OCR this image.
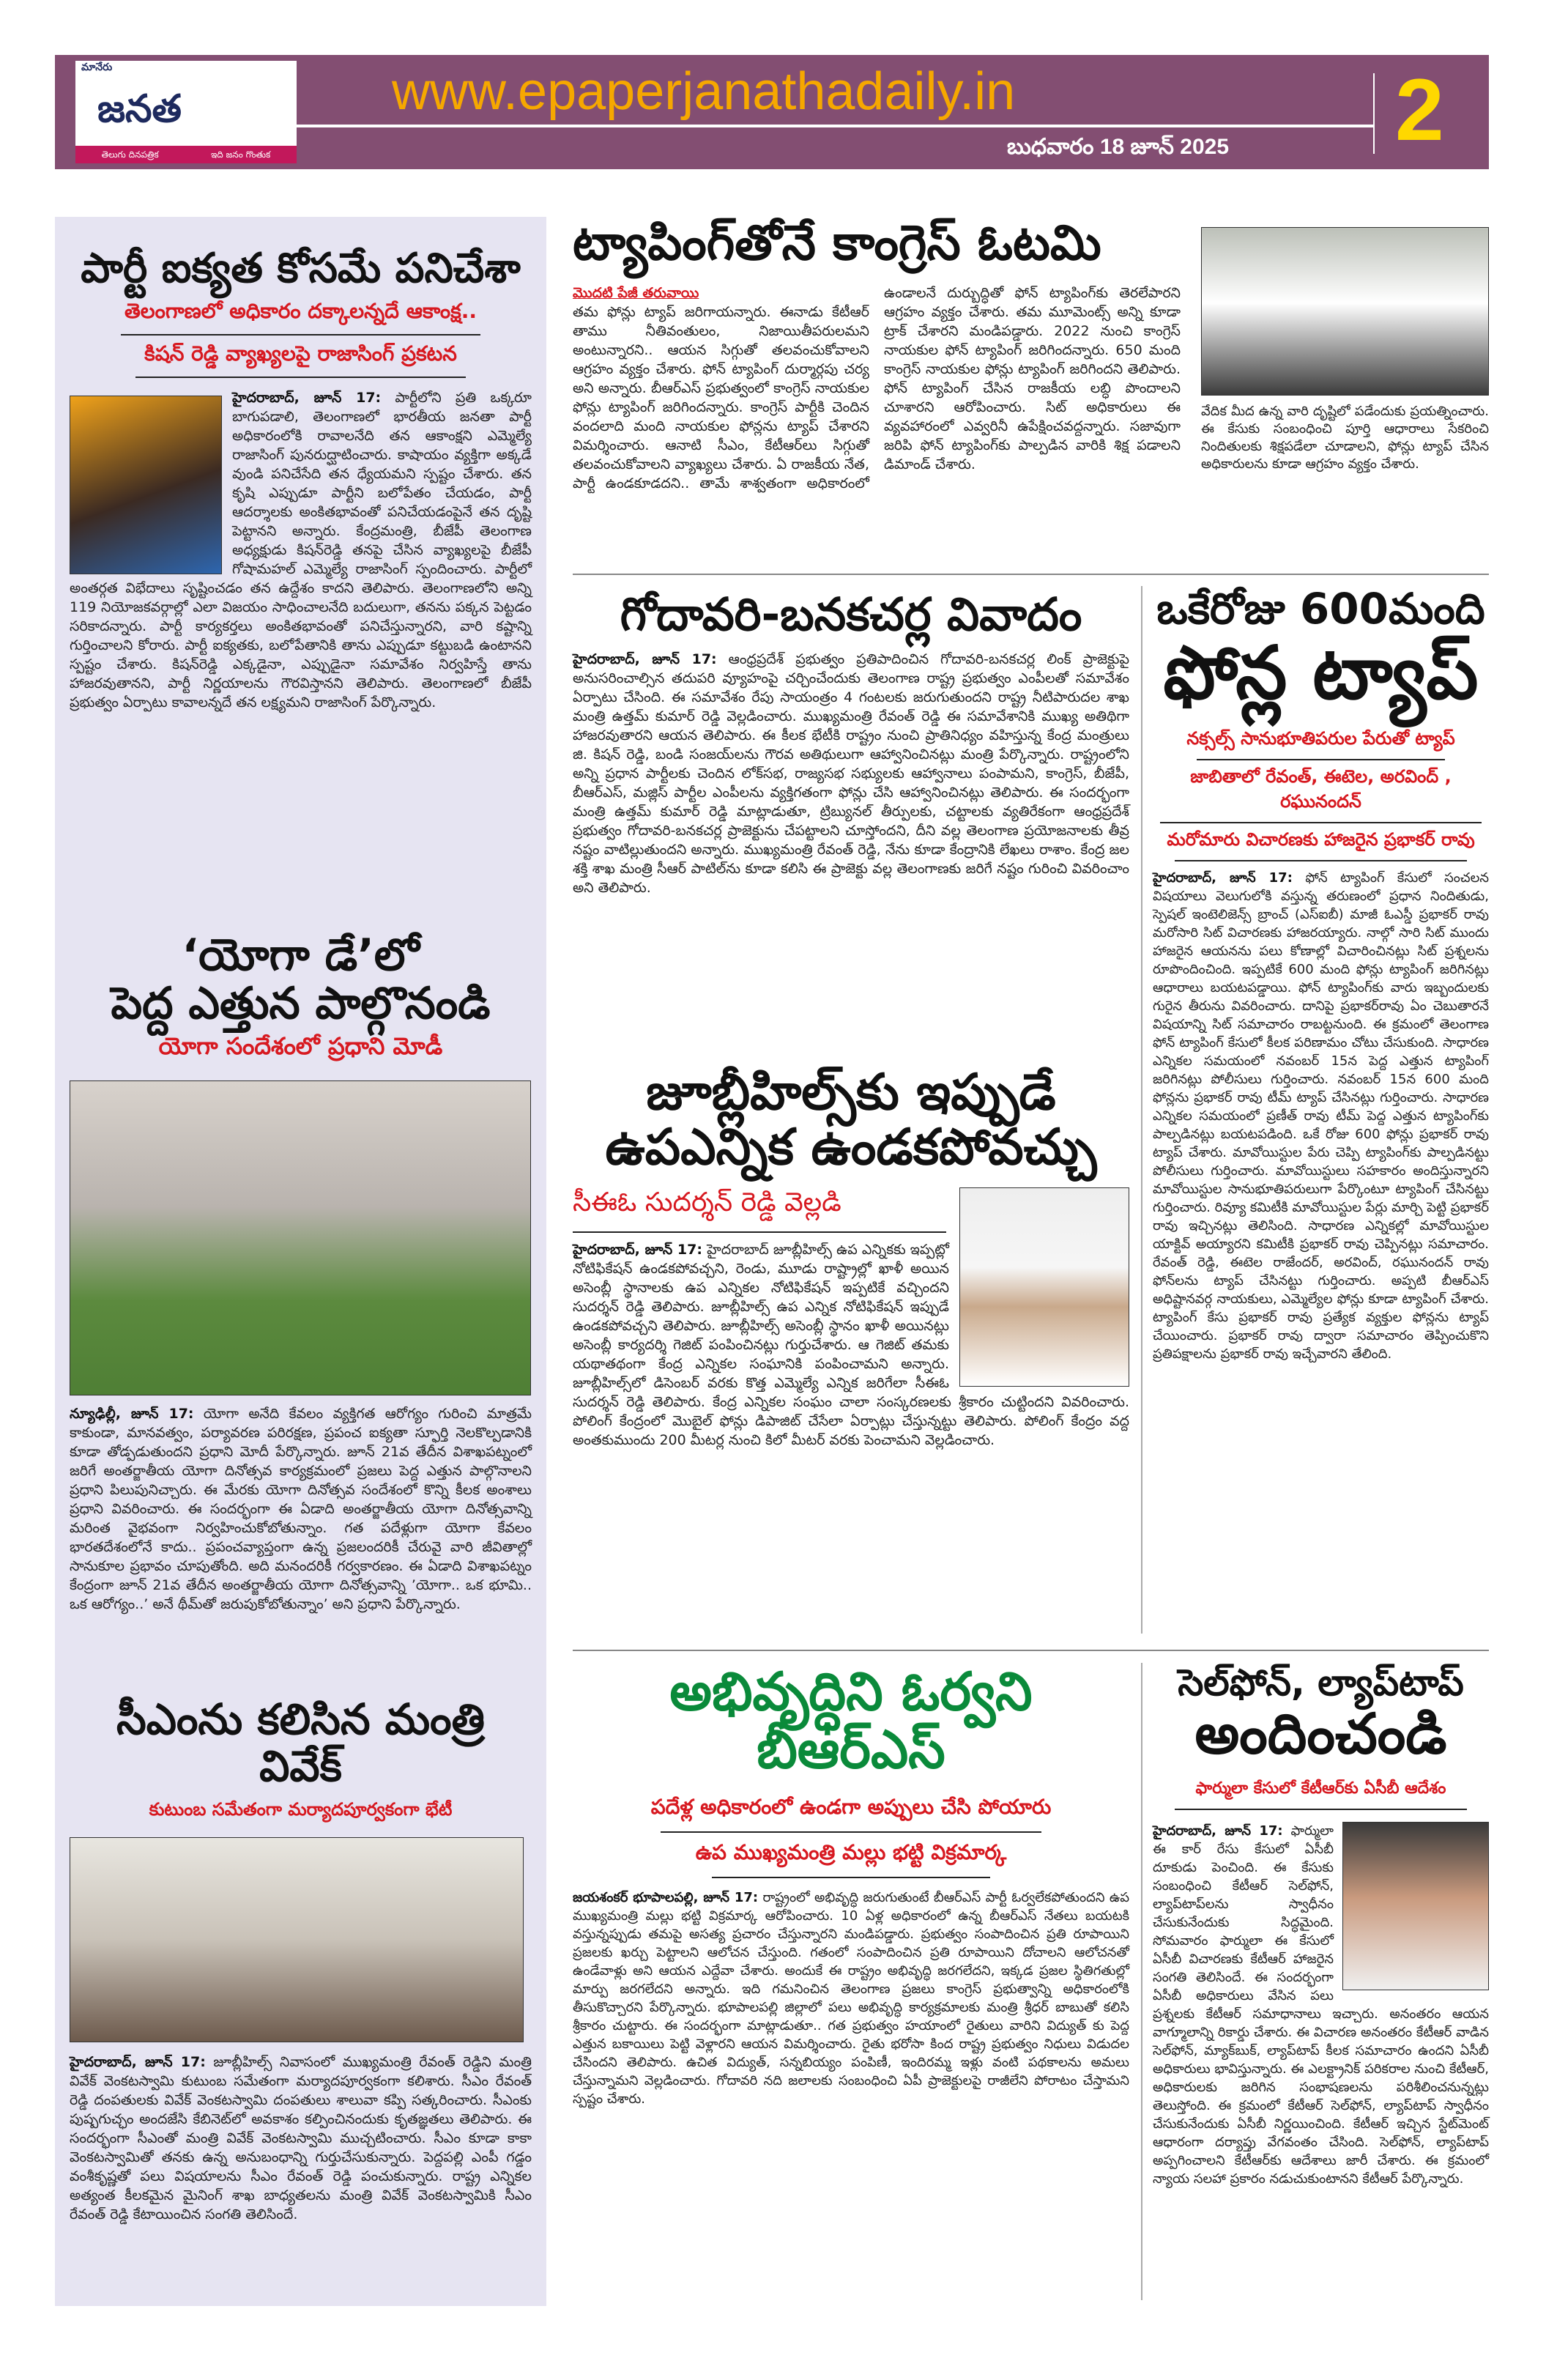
మానేరు
జనత
తెలుగు దినపత్రిక	ఇది జనం గొంతుక
www.epaperjanathadaily.in
బుధవారం 18 జూన్ 2025 2
పార్టీ ఐక్యత కోసమే పనిచేశా
తెలంగాణలో అధికారం దక్కాలన్నదే ఆకాంక్ష..
కిషన్ రెడ్డి వ్యాఖ్యలపై రాజాసింగ్ ప్రకటన
హైదరాబాద్, జూన్ 17: పార్టీలోని ప్రతి ఒక్కరూ బాగుపడాలి, తెలంగాణలో భారతీయ జనతా పార్టీ అధికారంలోకి రావాలనేది తన ఆకాంక్షని ఎమ్మెల్యే రాజాసింగ్ పునరుద్ఘాటించారు. కాషాయం వ్యక్తిగా అక్కడే వుండి పనిచేసేది తన ధ్యేయమని స్పష్టం చేశారు. తన కృషి ఎప్పుడూ పార్టీని బలోపేతం చేయడం, పార్టీ ఆదర్శాలకు అంకితభావంతో పనిచేయడంపైనే తన దృష్టి పెట్టానని అన్నారు. కేంద్రమంత్రి, బీజేపీ తెలంగాణ అధ్యక్షుడు కిషన్‌రెడ్డి తనపై చేసిన వ్యాఖ్యలపై బీజేపీ గోషామహల్ ఎమ్మెల్యే రాజాసింగ్ స్పందించారు. పార్టీలో అంతర్గత విభేదాలు సృష్టించడం తన ఉద్దేశం కాదని తెలిపారు. తెలంగాణలోని అన్ని 119 నియోజకవర్గాల్లో ఎలా విజయం సాధించాలనేది బదులుగా, తనను పక్కన పెట్టడం సరికాదన్నారు. పార్టీ కార్యకర్తలు అంకితభావంతో పనిచేస్తున్నారని, వారి కష్టాన్ని గుర్తించాలని కోరారు. పార్టీ ఐక్యతకు, బలోపేతానికి తాను ఎప్పుడూ కట్టుబడి ఉంటానని స్పష్టం చేశారు. కిషన్‌రెడ్డి ఎక్కడైనా, ఎప్పుడైనా సమావేశం నిర్వహిస్తే తాను హాజరవుతానని, పార్టీ నిర్ణయాలను గౌరవిస్తానని తెలిపారు. తెలంగాణలో బీజేపీ ప్రభుత్వం ఏర్పాటు కావాలన్నదే తన లక్ష్యమని రాజాసింగ్ పేర్కొన్నారు.
‘యోగా డే’లో
పెద్ద ఎత్తున పాల్గొనండి
యోగా సందేశంలో ప్రధాని మోడీ
న్యూఢిల్లీ, జూన్ 17: యోగా అనేది కేవలం వ్యక్తిగత ఆరోగ్యం గురించి మాత్రమే కాకుండా, మానవత్వం, పర్యావరణ పరిరక్షణ, ప్రపంచ ఐక్యతా స్ఫూర్తి నెలకొల్పడానికి కూడా తోడ్పడుతుందని ప్రధాని మోదీ పేర్కొన్నారు. జూన్ 21వ తేదీన విశాఖపట్నంలో జరిగే అంతర్జాతీయ యోగా దినోత్సవ కార్యక్రమంలో ప్రజలు పెద్ద ఎత్తున పాల్గొనాలని ప్రధాని పిలుపునిచ్చారు. ఈ మేరకు యోగా దినోత్సవ సందేశంలో కొన్ని కీలక అంశాలు ప్రధాని వివరించారు. ఈ సందర్భంగా ఈ ఏడాది అంతర్జాతీయ యోగా దినోత్సవాన్ని మరింత వైభవంగా నిర్వహించుకోబోతున్నాం. గత పదేళ్లుగా యోగా కేవలం భారతదేశంలోనే కాదు.. ప్రపంచవ్యాప్తంగా ఉన్న ప్రజలందరికీ చేరువై వారి జీవితాల్లో సానుకూల ప్రభావం చూపుతోంది. అది మనందరికీ గర్వకారణం. ఈ ఏడాది విశాఖపట్నం కేంద్రంగా జూన్ 21వ తేదీన అంతర్జాతీయ యోగా దినోత్సవాన్ని ’యోగా.. ఒక భూమి.. ఒక ఆరోగ్యం..’ అనే థీమ్‌తో జరుపుకోబోతున్నాం’ అని ప్రధాని పేర్కొన్నారు.
సీఎంను కలిసిన మంత్రి వివేక్
కుటుంబ సమేతంగా మర్యాదపూర్వకంగా భేటీ
హైదరాబాద్, జూన్ 17: జూబ్లీహిల్స్ నివాసంలో ముఖ్యమంత్రి రేవంత్ రెడ్డిని మంత్రి వివేక్ వెంకటస్వామి కుటుంబ సమేతంగా మర్యాదపూర్వకంగా కలిశారు. సీఎం రేవంత్ రెడ్డి దంపతులకు వివేక్ వెంకటస్వామి దంపతులు శాలువా కప్పి సత్కరించారు. సీఎంకు పుష్పగుచ్ఛం అందజేసి కేబినెట్‌లో అవకాశం కల్పించినందుకు కృతజ్ఞతలు తెలిపారు. ఈ సందర్భంగా సీఎంతో మంత్రి వివేక్ వెంకటస్వామి ముచ్చటించారు. సీఎం కూడా కాకా వెంకటస్వామితో తనకు ఉన్న అనుబంధాన్ని గుర్తుచేసుకున్నారు. పెద్దపల్లి ఎంపీ గడ్డం వంశీకృష్ణతో పలు విషయాలను సీఎం రేవంత్ రెడ్డి పంచుకున్నారు. రాష్ట్ర ఎన్నికల అత్యంత కీలకమైన మైనింగ్ శాఖ బాధ్యతలను మంత్రి వివేక్ వెంకటస్వామికి సీఎం రేవంత్ రెడ్డి కేటాయించిన సంగతి తెలిసిందే.
ట్యాపింగ్‌తోనే కాంగ్రెస్ ఓటమి
మొదటి పేజీ తరువాయి
తమ ఫోన్లు ట్యాప్ జరిగాయన్నారు. ఈనాడు కేటీఆర్ తాము నీతివంతులం, నిజాయితీపరులమని అంటున్నారని.. ఆయన సిగ్గుతో తలవంచుకోవాలని ఆగ్రహం వ్యక్తం చేశారు. ఫోన్ ట్యాపింగ్ దుర్మార్గపు చర్య అని అన్నారు. బీఆర్ఎస్ ప్రభుత్వంలో కాంగ్రెస్ నాయకుల ఫోన్లు ట్యాపింగ్ జరిగిందన్నారు. కాంగ్రెస్ పార్టీకి చెందిన వందలాది మంది నాయకుల ఫోన్లను ట్యాప్ చేశారని విమర్శించారు. ఆనాటి సీఎం, కేటీఆర్‌లు సిగ్గుతో తలవంచుకోవాలని వ్యాఖ్యలు చేశారు. ఏ రాజకీయ నేత, పార్టీ ఉండకూడదని.. తామే శాశ్వతంగా అధికారంలో ఉండాలనే దుర్బుద్ధితో ఫోన్ ట్యాపింగ్‌కు తెరలేపారని ఆగ్రహం వ్యక్తం చేశారు. తమ మూమెంట్స్ అన్ని కూడా ట్రాక్ చేశారని మండిపడ్డారు. 2022 నుంచి కాంగ్రెస్ నాయకుల ఫోన్ ట్యాపింగ్ జరిగిందన్నారు. 650 మంది కాంగ్రెస్ నాయకుల ఫోన్లు ట్యాపింగ్ జరిగిందని తెలిపారు. ఫోన్ ట్యాపింగ్ చేసిన రాజకీయ లబ్ధి పొందాలని చూశారని ఆరోపించారు. సిట్ అధికారులు ఈ వ్యవహారంలో ఎవ్వరినీ ఉపేక్షించవద్దన్నారు. సజావుగా జరిపి ఫోన్ ట్యాపింగ్‌కు పాల్పడిన వారికి శిక్ష పడాలని డిమాండ్ చేశారు.
వేదిక మీద ఉన్న వారి దృష్టిలో పడేందుకు ప్రయత్నించారు. ఈ కేసుకు సంబంధించి పూర్తి ఆధారాలు సేకరించి నిందితులకు శిక్షపడేలా చూడాలని, ఫోన్లు ట్యాప్ చేసిన అధికారులను కూడా ఆగ్రహం వ్యక్తం చేశారు.
గోదావరి-బనకచర్ల వివాదం
హైదరాబాద్, జూన్ 17: ఆంధ్రప్రదేశ్ ప్రభుత్వం ప్రతిపాదించిన గోదావరి-బనకచర్ల లింక్ ప్రాజెక్టుపై అనుసరించాల్సిన తదుపరి వ్యూహంపై చర్చించేందుకు తెలంగాణ రాష్ట్ర ప్రభుత్వం ఎంపీలతో సమావేశం ఏర్పాటు చేసింది. ఈ సమావేశం రేపు సాయంత్రం 4 గంటలకు జరుగుతుందని రాష్ట్ర నీటిపారుదల శాఖ మంత్రి ఉత్తమ్ కుమార్ రెడ్డి వెల్లడించారు. ముఖ్యమంత్రి రేవంత్ రెడ్డి ఈ సమావేశానికి ముఖ్య అతిథిగా హాజరవుతారని ఆయన తెలిపారు. ఈ కీలక భేటీకి రాష్ట్రం నుంచి ప్రాతినిధ్యం వహిస్తున్న కేంద్ర మంత్రులు జి. కిషన్ రెడ్డి, బండి సంజయ్‌లను గౌరవ అతిథులుగా ఆహ్వానించినట్లు మంత్రి పేర్కొన్నారు. రాష్ట్రంలోని అన్ని ప్రధాన పార్టీలకు చెందిన లోక్‌సభ, రాజ్యసభ సభ్యులకు ఆహ్వానాలు పంపామని, కాంగ్రెస్, బీజేపీ, బీఆర్ఎస్, మజ్లిస్ పార్టీల ఎంపీలను వ్యక్తిగతంగా ఫోన్లు చేసి ఆహ్వానించినట్లు తెలిపారు. ఈ సందర్భంగా మంత్రి ఉత్తమ్ కుమార్ రెడ్డి మాట్లాడుతూ, ట్రిబ్యునల్ తీర్పులకు, చట్టాలకు వ్యతిరేకంగా ఆంధ్రప్రదేశ్ ప్రభుత్వం గోదావరి-బనకచర్ల ప్రాజెక్టును చేపట్టాలని చూస్తోందని, దీని వల్ల తెలంగాణ ప్రయోజనాలకు తీవ్ర నష్టం వాటిల్లుతుందని అన్నారు. ముఖ్యమంత్రి రేవంత్ రెడ్డి, నేను కూడా కేంద్రానికి లేఖలు రాశాం. కేంద్ర జల శక్తి శాఖ మంత్రి సీఆర్ పాటిల్‌ను కూడా కలిసి ఈ ప్రాజెక్టు వల్ల తెలంగాణకు జరిగే నష్టం గురించి వివరించాం అని తెలిపారు.
జూబ్లీహిల్స్‌కు ఇప్పుడే
ఉపఎన్నిక ఉండకపోవచ్చు
సీఈఓ సుదర్శన్ రెడ్డి వెల్లడి
హైదరాబాద్, జూన్ 17: హైదరాబాద్ జూబ్లీహిల్స్ ఉప ఎన్నికకు ఇప్పట్లో నోటిఫికేషన్ ఉండకపోవచ్చని, రెండు, మూడు రాష్ట్రాల్లో ఖాళీ అయిన అసెంబ్లీ స్థానాలకు ఉప ఎన్నికల నోటిఫికేషన్ ఇప్పటికే వచ్చిందని సుదర్శన్ రెడ్డి తెలిపారు. జూబ్లీహిల్స్ ఉప ఎన్నిక నోటిఫికేషన్ ఇప్పుడే ఉండకపోవచ్చని తెలిపారు. జూబ్లీహిల్స్ అసెంబ్లీ స్థానం ఖాళీ అయినట్లు అసెంబ్లీ కార్యదర్శి గెజిట్ పంపించినట్లు గుర్తుచేశారు. ఆ గెజిట్ తమకు యథాతథంగా కేంద్ర ఎన్నికల సంఘానికి పంపించామని అన్నారు. జూబ్లీహిల్స్‌లో డిసెంబర్ వరకు కొత్త ఎమ్మెల్యే ఎన్నిక జరిగేలా సీఈఓ సుదర్శన్ రెడ్డి తెలిపారు. కేంద్ర ఎన్నికల సంఘం చాలా సంస్కరణలకు శ్రీకారం చుట్టిందని వివరించారు. పోలింగ్ కేంద్రంలో మొబైల్ ఫోన్లు డిపాజిట్ చేసేలా ఏర్పాట్లు చేస్తున్నట్టు తెలిపారు. పోలింగ్ కేంద్రం వద్ద అంతకుముందు 200 మీటర్ల నుంచి కిలో మీటర్ వరకు పెంచామని వెల్లడించారు.
ఒకేరోజు 600మంది
ఫోన్ల ట్యాప్
నక్సల్స్ సానుభూతిపరుల పేరుతో ట్యాప్
జాబితాలో రేవంత్, ఈటెల, అరవింద్ , రఘునందన్
మరోమారు విచారణకు హాజరైన ప్రభాకర్ రావు
హైదరాబాద్, జూన్ 17: ఫోన్ ట్యాపింగ్ కేసులో సంచలన విషయాలు వెలుగులోకి వస్తున్న తరుణంలో ప్రధాన నిందితుడు, స్పెషల్ ఇంటెలిజెన్స్ బ్రాంచ్ (ఎస్ఐబీ) మాజీ ఓఎస్డీ ప్రభాకర్ రావు మరోసారి సిట్ విచారణకు హాజరయ్యారు. నాల్గో సారి సిట్ ముందు హాజరైన ఆయనను పలు కోణాల్లో విచారించినట్లు సిట్ ప్రశ్నలను రూపొందించింది. ఇప్పటికే 600 మంది ఫోన్లు ట్యాపింగ్ జరిగినట్లు ఆధారాలు బయటపడ్డాయి. ఫోన్ ట్యాపింగ్‌కు వారు ఇబ్బందులకు గురైన తీరును వివరించారు. దానిపై ప్రభాకర్‌రావు ఏం చెబుతారనే విషయాన్ని సిట్ సమాచారం రాబట్టనుంది. ఈ క్రమంలో తెలంగాణ ఫోన్ ట్యాపింగ్ కేసులో కీలక పరిణామం చోటు చేసుకుంది. సాధారణ ఎన్నికల సమయంలో నవంబర్ 15న పెద్ద ఎత్తున ట్యాపింగ్ జరిగినట్లు పోలీసులు గుర్తించారు. నవంబర్ 15న 600 మంది ఫోన్లను ప్రభాకర్ రావు టీమ్ ట్యాప్ చేసినట్లు గుర్తించారు. సాధారణ ఎన్నికల సమయంలో ప్రణీత్ రావు టీమ్ పెద్ద ఎత్తున ట్యాపింగ్‌కు పాల్పడినట్లు బయటపడింది. ఒకే రోజు 600 ఫోన్లు ప్రభాకర్ రావు ట్యాప్ చేశారు. మావోయిస్టుల పేరు చెప్పి ట్యాపింగ్‌కు పాల్పడినట్టు పోలీసులు గుర్తించారు. మావోయిస్టులు సహకారం అందిస్తున్నారని మావోయిస్టుల సానుభూతిపరులుగా పేర్కొంటూ ట్యాపింగ్ చేసినట్టు గుర్తించారు. రివ్యూ కమిటీకి మావోయిస్టుల పేర్లు మార్చి పెట్టి ప్రభాకర్ రావు ఇచ్చినట్లు తెలిసింది. సాధారణ ఎన్నికల్లో మావోయిస్టుల యాక్టివ్ అయ్యారని కమిటీకి ప్రభాకర్ రావు చెప్పినట్లు సమాచారం. రేవంత్ రెడ్డి, ఈటెల రాజేందర్, అరవింద్, రఘునందన్ రావు ఫోన్‌లను ట్యాప్ చేసినట్టు గుర్తించారు. అప్పటి బీఆర్ఎస్ అధిష్టానవర్గ నాయకులు, ఎమ్మెల్యేల ఫోన్లు కూడా ట్యాపింగ్ చేశారు. ట్యాపింగ్ కేసు ప్రభాకర్ రావు ప్రత్యేక వ్యక్తుల ఫోన్లను ట్యాప్ చేయించారు. ప్రభాకర్ రావు ద్వారా సమాచారం తెప్పించుకొని ప్రతిపక్షాలను ప్రభాకర్ రావు ఇచ్చేవారని తేలింది.
అభివృద్ధిని ఓర్వని బీఆర్ఎస్
పదేళ్ల అధికారంలో ఉండగా అప్పులు చేసి పోయారు
ఉప ముఖ్యమంత్రి మల్లు భట్టి విక్రమార్క
జయశంకర్ భూపాలపల్లి, జూన్ 17: రాష్ట్రంలో అభివృద్ధి జరుగుతుంటే బీఆర్ఎస్ పార్టీ ఓర్వలేకపోతుందని ఉప ముఖ్యమంత్రి మల్లు భట్టి విక్రమార్క ఆరోపించారు. 10 ఏళ్ల అధికారంలో ఉన్న బీఆర్ఎస్ నేతలు బయటకి వస్తున్నప్పుడు తమపై అసత్య ప్రచారం చేస్తున్నారని మండిపడ్డారు. ప్రభుత్వం సంపాదించిన ప్రతి రూపాయిని ప్రజలకు ఖర్చు పెట్టాలని ఆలోచన చేస్తుంది. గతంలో సంపాదించిన ప్రతి రూపాయిని దోచాలని ఆలోచనతో ఉండేవాళ్లు అని ఆయన ఎద్దేవా చేశారు. అందుకే ఈ రాష్ట్రం అభివృద్ధి జరగలేదని, ఇక్కడ ప్రజల స్థితిగతుల్లో మార్పు జరగలేదని అన్నారు. ఇది గమనించిన తెలంగాణ ప్రజలు కాంగ్రెస్ ప్రభుత్వాన్ని అధికారంలోకి తీసుకొచ్చారని పేర్కొన్నారు. భూపాలపల్లి జిల్లాలో పలు అభివృద్ధి కార్యక్రమాలకు మంత్రి శ్రీధర్ బాబుతో కలిసి శ్రీకారం చుట్టారు. ఈ సందర్భంగా మాట్లాడుతూ.. గత ప్రభుత్వం హయాంలో రైతులు వారిని విద్యుత్ కు పెద్ద ఎత్తున బకాయిలు పెట్టి వెళ్లారని ఆయన విమర్శించారు. రైతు భరోసా కింద రాష్ట్ర ప్రభుత్వం నిధులు విడుదల చేసిందని తెలిపారు. ఉచిత విద్యుత్, సన్నబియ్యం పంపిణీ, ఇందిరమ్మ ఇళ్లు వంటి పథకాలను అమలు చేస్తున్నామని వెల్లడించారు. గోదావరి నది జలాలకు సంబంధించి ఏపీ ప్రాజెక్టులపై రాజీలేని పోరాటం చేస్తామని స్పష్టం చేశారు.
సెల్‌ఫోన్, ల్యాప్‌టాప్
అందించండి
ఫార్ములా కేసులో కేటీఆర్‌కు ఏసీబీ ఆదేశం
హైదరాబాద్, జూన్ 17: ఫార్ములా ఈ కార్ రేసు కేసులో ఏసీబీ దూకుడు పెంచింది. ఈ కేసుకు సంబంధించి కేటీఆర్ సెల్‌ఫోన్, ల్యాప్‌టాప్‌లను స్వాధీనం చేసుకునేందుకు సిద్ధమైంది. సోమవారం ఫార్ములా ఈ కేసులో ఏసీబీ విచారణకు కేటీఆర్ హాజరైన సంగతి తెలిసిందే. ఈ సందర్భంగా ఏసీబీ అధికారులు వేసిన పలు ప్రశ్నలకు కేటీఆర్ సమాధానాలు ఇచ్చారు. అనంతరం ఆయన వాగ్మూలాన్ని రికార్డు చేశారు. ఈ విచారణ అనంతరం కేటీఆర్ వాడిన సెల్‌ఫోన్, మ్యాక్‌బుక్, ల్యాప్‌టాప్ కీలక సమాచారం ఉందని ఏసీబీ అధికారులు భావిస్తున్నారు. ఈ ఎలక్ట్రానిక్ పరికరాల నుంచి కేటీఆర్, అధికారులకు జరిగిన సంభాషణలను పరిశీలించనున్నట్లు తెలుస్తోంది. ఈ క్రమంలో కేటీఆర్ సెల్‌ఫోన్, ల్యాప్‌టాప్ స్వాధీనం చేసుకునేందుకు ఏసీబీ నిర్ణయించింది. కేటీఆర్ ఇచ్చిన స్టేట్‌మెంట్ ఆధారంగా దర్యాప్తు వేగవంతం చేసింది. సెల్‌ఫోన్, ల్యాప్‌టాప్ అప్పగించాలని కేటీఆర్‌కు ఆదేశాలు జారీ చేశారు. ఈ క్రమంలో న్యాయ సలహా ప్రకారం నడుచుకుంటానని కేటీఆర్ పేర్కొన్నారు.
